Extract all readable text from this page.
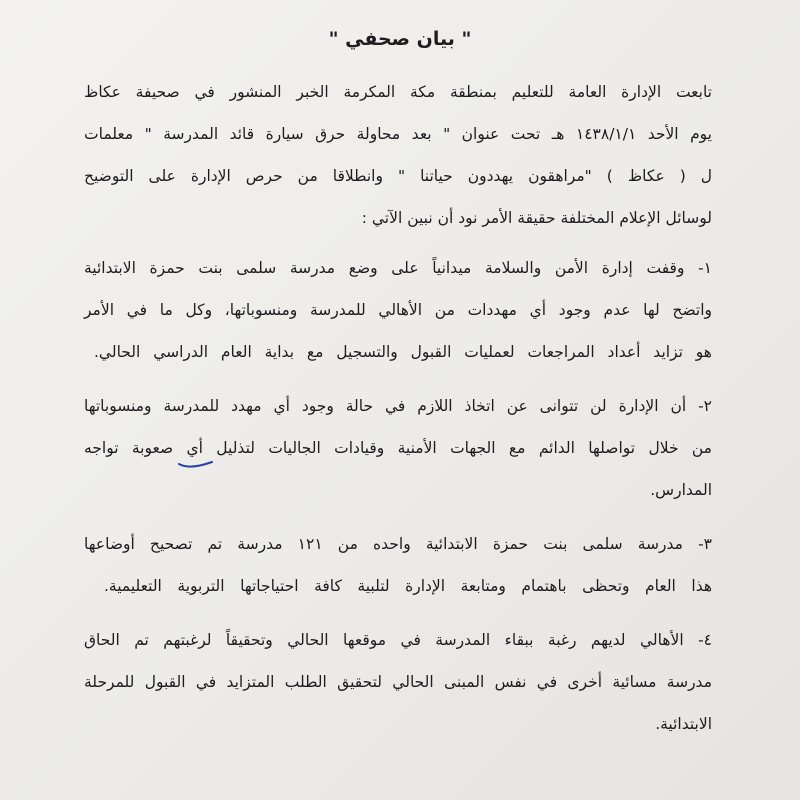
" بيان صحفي "
تابعت الإدارة العامة للتعليم بمنطقة مكة المكرمة الخبر المنشور في صحيفة عكاظ
يوم الأحد ١٤٣٨/١/١ هـ تحت عنوان " بعد محاولة حرق سيارة قائد المدرسة " معلمات
ل ( عكاظ ) "مراهقون يهددون حياتنا " وانطلاقا من حرص الإدارة على التوضيح
لوسائل الإعلام المختلفة حقيقة الأمر نود أن نبين الآتي :
١- وقفت إدارة الأمن والسلامة ميدانياً على وضع مدرسة سلمى بنت حمزة الابتدائية
واتضح لها عدم وجود أي مهددات من الأهالي للمدرسة ومنسوباتها، وكل ما في الأمر
هو تزايد أعداد المراجعات لعمليات القبول والتسجيل مع بداية العام الدراسي الحالي.
٢- أن الإدارة لن تتوانى عن اتخاذ اللازم في حالة وجود أي مهدد للمدرسة ومنسوباتها
من خلال تواصلها الدائم مع الجهات الأمنية وقيادات الجاليات لتذليل أي صعوبة تواجه
المدارس.
٣- مدرسة سلمى بنت حمزة الابتدائية واحده من ١٢١ مدرسة تم تصحيح أوضاعها
هذا العام وتحظى باهتمام ومتابعة الإدارة لتلبية كافة احتياجاتها التربوية التعليمية.
٤- الأهالي لديهم رغبة ببقاء المدرسة في موقعها الحالي وتحقيقاً لرغبتهم تم الحاق
مدرسة مسائية أخرى في نفس المبنى الحالي لتحقيق الطلب المتزايد في القبول للمرحلة
الابتدائية.
